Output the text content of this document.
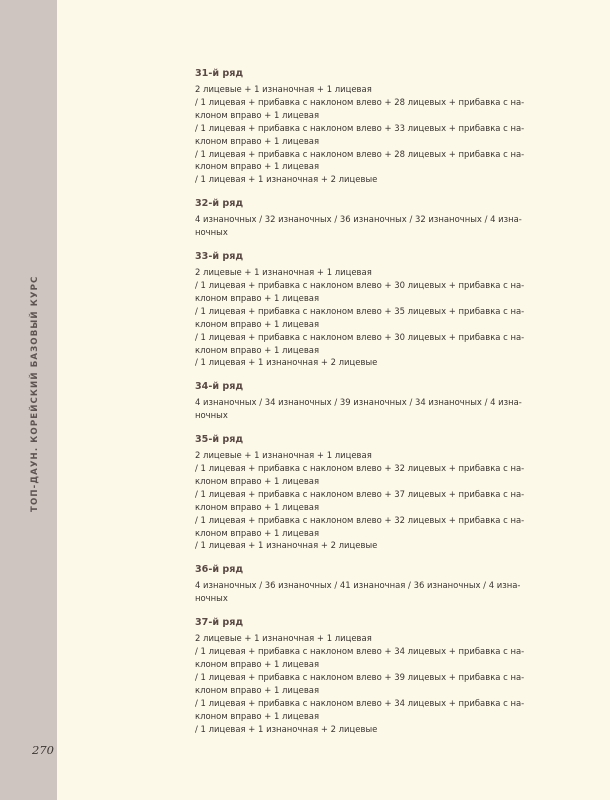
ТОП-ДАУН. КОРЕЙСКИЙ БАЗОВЫЙ КУРС
270
31-й ряд
2 лицевые + 1 изнаночная + 1 лицевая
/ 1 лицевая + прибавка с наклоном влево + 28 лицевых + прибавка с на-
клоном вправо + 1 лицевая
/ 1 лицевая + прибавка с наклоном влево + 33 лицевых + прибавка с на-
клоном вправо + 1 лицевая
/ 1 лицевая + прибавка с наклоном влево + 28 лицевых + прибавка с на-
клоном вправо + 1 лицевая
/ 1 лицевая + 1 изнаночная + 2 лицевые
32-й ряд
4 изнаночных / 32 изнаночных / 36 изнаночных / 32 изнаночных / 4 изна-
ночных
33-й ряд
2 лицевые + 1 изнаночная + 1 лицевая
/ 1 лицевая + прибавка с наклоном влево + 30 лицевых + прибавка с на-
клоном вправо + 1 лицевая
/ 1 лицевая + прибавка с наклоном влево + 35 лицевых + прибавка с на-
клоном вправо + 1 лицевая
/ 1 лицевая + прибавка с наклоном влево + 30 лицевых + прибавка с на-
клоном вправо + 1 лицевая
/ 1 лицевая + 1 изнаночная + 2 лицевые
34-й ряд
4 изнаночных / 34 изнаночных / 39 изнаночных / 34 изнаночных / 4 изна-
ночных
35-й ряд
2 лицевые + 1 изнаночная + 1 лицевая
/ 1 лицевая + прибавка с наклоном влево + 32 лицевых + прибавка с на-
клоном вправо + 1 лицевая
/ 1 лицевая + прибавка с наклоном влево + 37 лицевых + прибавка с на-
клоном вправо + 1 лицевая
/ 1 лицевая + прибавка с наклоном влево + 32 лицевых + прибавка с на-
клоном вправо + 1 лицевая
/ 1 лицевая + 1 изнаночная + 2 лицевые
36-й ряд
4 изнаночных / 36 изнаночных / 41 изнаночная / 36 изнаночных / 4 изна-
ночных
37-й ряд
2 лицевые + 1 изнаночная + 1 лицевая
/ 1 лицевая + прибавка с наклоном влево + 34 лицевых + прибавка с на-
клоном вправо + 1 лицевая
/ 1 лицевая + прибавка с наклоном влево + 39 лицевых + прибавка с на-
клоном вправо + 1 лицевая
/ 1 лицевая + прибавка с наклоном влево + 34 лицевых + прибавка с на-
клоном вправо + 1 лицевая
/ 1 лицевая + 1 изнаночная + 2 лицевые
